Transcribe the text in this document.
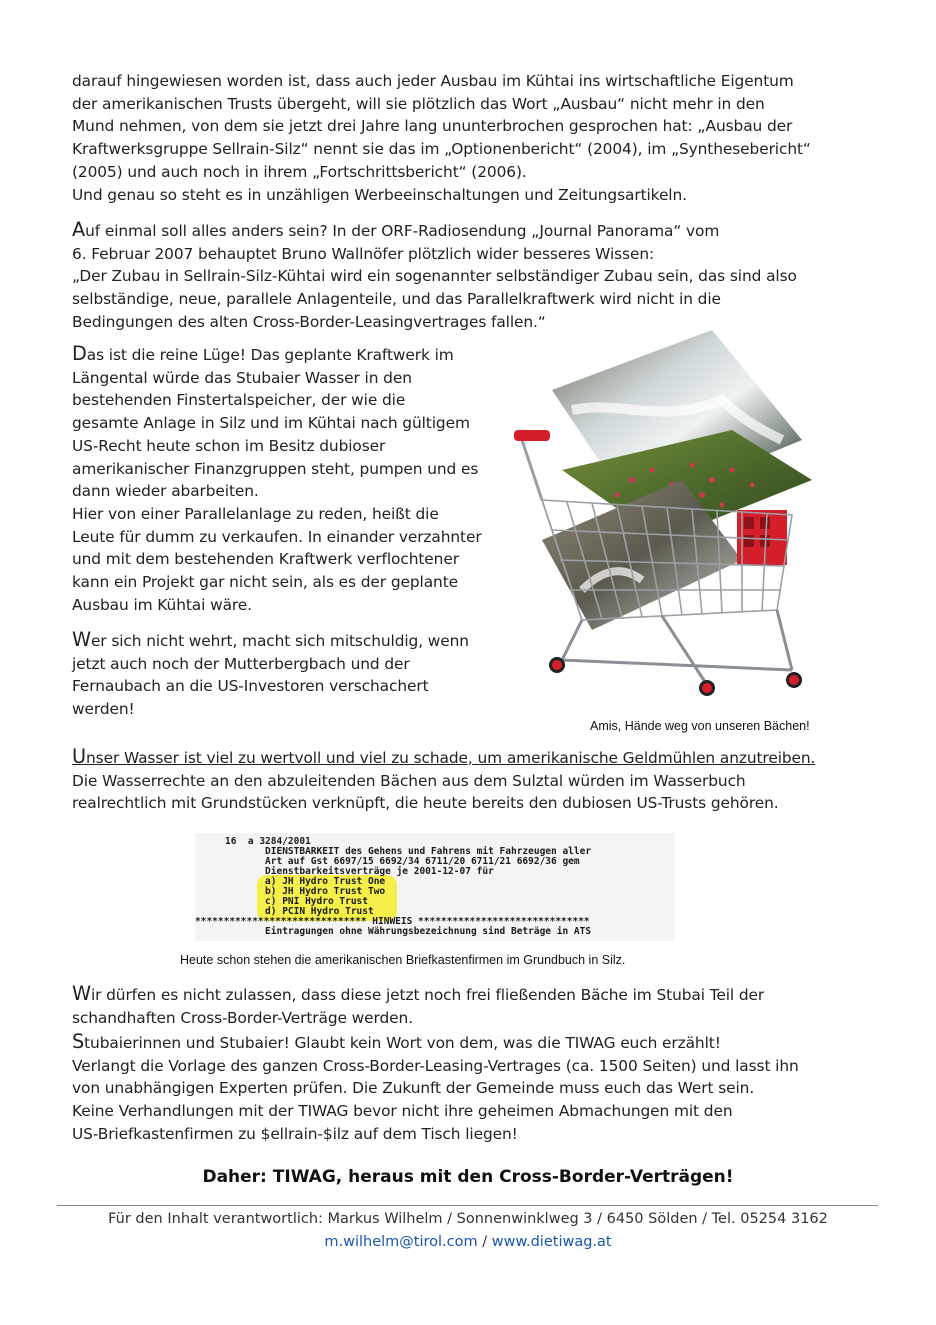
darauf hingewiesen worden ist, dass auch jeder Ausbau im Kühtai ins wirtschaftliche Eigentum
der amerikanischen Trusts übergeht, will sie plötzlich das Wort „Ausbau“ nicht mehr in den
Mund nehmen, von dem sie jetzt drei Jahre lang ununterbrochen gesprochen hat: „Ausbau der
Kraftwerksgruppe Sellrain-Silz“ nennt sie das im „Optionenbericht“ (2004), im „Synthesebericht“
(2005) und auch noch in ihrem „Fortschrittsbericht“ (2006).
Und genau so steht es in unzähligen Werbeeinschaltungen und Zeitungsartikeln.
Auf einmal soll alles anders sein? In der ORF-Radiosendung „Journal Panorama“ vom
6. Februar 2007 behauptet Bruno Wallnöfer plötzlich wider besseres Wissen:
„Der Zubau in Sellrain-Silz-Kühtai wird ein sogenannter selbständiger Zubau sein, das sind also
selbständige, neue, parallele Anlagenteile, und das Parallelkraftwerk wird nicht in die
Bedingungen des alten Cross-Border-Leasingvertrages fallen.“
Das ist die reine Lüge! Das geplante Kraftwerk im
Längental würde das Stubaier Wasser in den
bestehenden Finstertalspeicher, der wie die
gesamte Anlage in Silz und im Kühtai nach gültigem
US-Recht heute schon im Besitz dubioser
amerikanischer Finanzgruppen steht, pumpen und es
dann wieder abarbeiten.
Hier von einer Parallelanlage zu reden, heißt die
Leute für dumm zu verkaufen. In einander verzahnter
und mit dem bestehenden Kraftwerk verflochtener
kann ein Projekt gar nicht sein, als es der geplante
Ausbau im Kühtai wäre.
Wer sich nicht wehrt, macht sich mitschuldig, wenn
jetzt auch noch der Mutterbergbach und der
Fernaubach an die US-Investoren verschachert
werden!
Amis, Hände weg von unseren Bächen!
Unser Wasser ist viel zu wertvoll und viel zu schade, um amerikanische Geldmühlen anzutreiben.
Die Wasserrechte an den abzuleitenden Bächen aus dem Sulztal würden im Wasserbuch
realrechtlich mit Grundstücken verknüpft, die heute bereits den dubiosen US-Trusts gehören.
16  a 3284/2001
DIENSTBARKEIT des Gehens und Fahrens mit Fahrzeugen aller
Art auf Gst 6697/15 6692/34 6711/20 6711/21 6692/36 gem
Dienstbarkeitsverträge je 2001-12-07 für
a) JH Hydro Trust One
b) JH Hydro Trust Two
c) PNI Hydro Trust
d) PCIN Hydro Trust
****************************** HINWEIS ******************************
Eintragungen ohne Währungsbezeichnung sind Beträge in ATS
Heute schon stehen die amerikanischen Briefkastenfirmen im Grundbuch in Silz.
Wir dürfen es nicht zulassen, dass diese jetzt noch frei fließenden Bäche im Stubai Teil der
schandhaften Cross-Border-Verträge werden.
Stubaierinnen und Stubaier! Glaubt kein Wort von dem, was die TIWAG euch erzählt!
Verlangt die Vorlage des ganzen Cross-Border-Leasing-Vertrages (ca. 1500 Seiten) und lasst ihn
von unabhängigen Experten prüfen. Die Zukunft der Gemeinde muss euch das Wert sein.
Keine Verhandlungen mit der TIWAG bevor nicht ihre geheimen Abmachungen mit den
US-Briefkastenfirmen zu $ellrain-$ilz auf dem Tisch liegen!
Daher: TIWAG, heraus mit den Cross-Border-Verträgen!
Für den Inhalt verantwortlich: Markus Wilhelm / Sonnenwinklweg 3 / 6450 Sölden / Tel. 05254 3162
m.wilhelm@tirol.com / www.dietiwag.at
